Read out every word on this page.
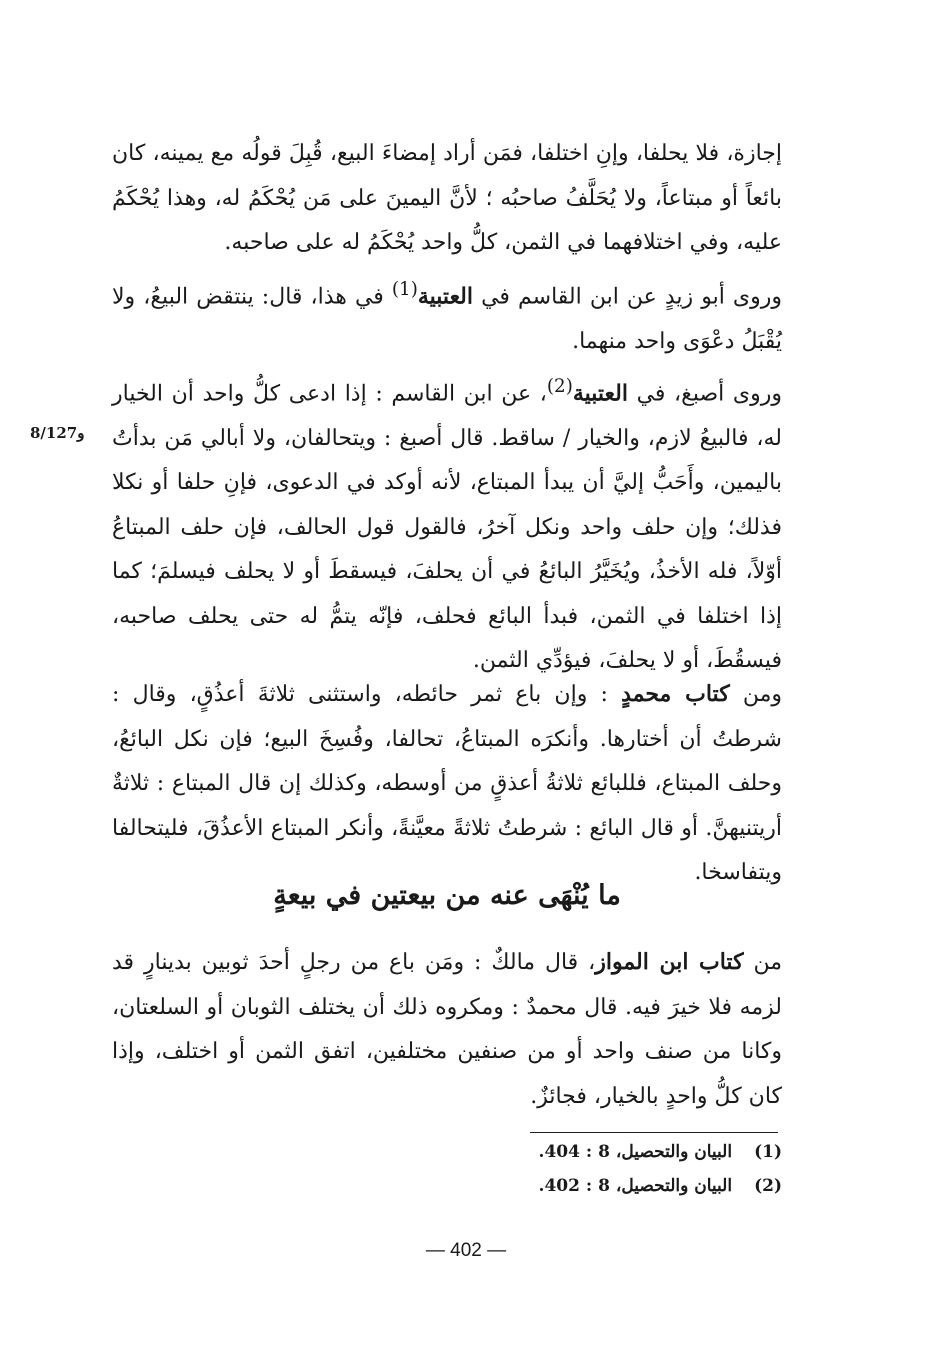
إجازة، فلا يحلفا، وإنِ اختلفا، فمَن أراد إمضاءَ البيع، قُبِلَ قولُه مع يمينه، كان بائعاً أو مبتاعاً، ولا يُحَلَّفُ صاحبُه ؛ لأنَّ اليمينَ على مَن يُحْكَمُ له، وهذا يُحْكَمُ عليه، وفي اختلافهما في الثمن، كلُّ واحد يُحْكَمُ له على صاحبه.

وروى أبو زيدٍ عن ابن القاسم في العتبية$^{(1)}$ في هذا، قال: ينتقض البيعُ، ولا يُقْبَلُ دعْوَى واحد منهما.

وروى أصبغ، في العتبية$^{(2)}$، عن ابن القاسم : إذا ادعى كلُّ واحد أن الخيار له، فالبيعُ لازم، والخيار / ساقط. قال أصبغ : ويتحالفان، ولا أبالي مَن بدأتُ باليمين، وأَحَبُّ إليَّ أن يبدأ المبتاع، لأنه أوكد في الدعوى، فإنِ حلفا أو نكلا فذلك؛ وإن حلف واحد ونكل آخرُ، فالقول قول الحالف، فإن حلف المبتاعُ أوّلاً، فله الأخذُ، ويُخَيَّرُ البائعُ في أن يحلفَ، فيسقطَ أو لا يحلف فيسلمَ؛ كما إذا اختلفا في الثمن، فبدأ البائع فحلف، فإنّه يتمُّ له حتى يحلف صاحبه، فيسقُطَ، أو لا يحلفَ، فيؤدِّي الثمن.

8/127و

ومن كتاب محمدٍ : وإن باع ثمر حائطه، واستثنى ثلاثةَ أعذُقٍ، وقال : شرطتُ أن أختارها. وأنكرَه المبتاعُ، تحالفا، وفُسِخَ البيع؛ فإن نكل البائعُ، وحلف المبتاع، فللبائع ثلاثةُ أعذقٍ من أوسطه، وكذلك إن قال المبتاع : ثلاثةٌ أريتنيهنَّ. أو قال البائع : شرطتُ ثلاثةً معيَّنةً، وأنكر المبتاع الأعذُقَ، فليتحالفا ويتفاسخا.

ما يُنْهَى عنه من بيعتين في بيعةٍ

من كتاب ابن المواز، قال مالكٌ : ومَن باع من رجلٍ أحدَ ثوبين بدينارٍ قد لزمه فلا خيرَ فيه. قال محمدٌ : ومكروه ذلك أن يختلف الثوبان أو السلعتان، وكانا من صنف واحد أو من صنفين مختلفين، اتفق الثمن أو اختلف، وإذا كان كلُّ واحدٍ بالخيار، فجائزٌ.

(1)البيان والتحصيل، 8 : 404.

(2)البيان والتحصيل، 8 : 402.

— 402 —
